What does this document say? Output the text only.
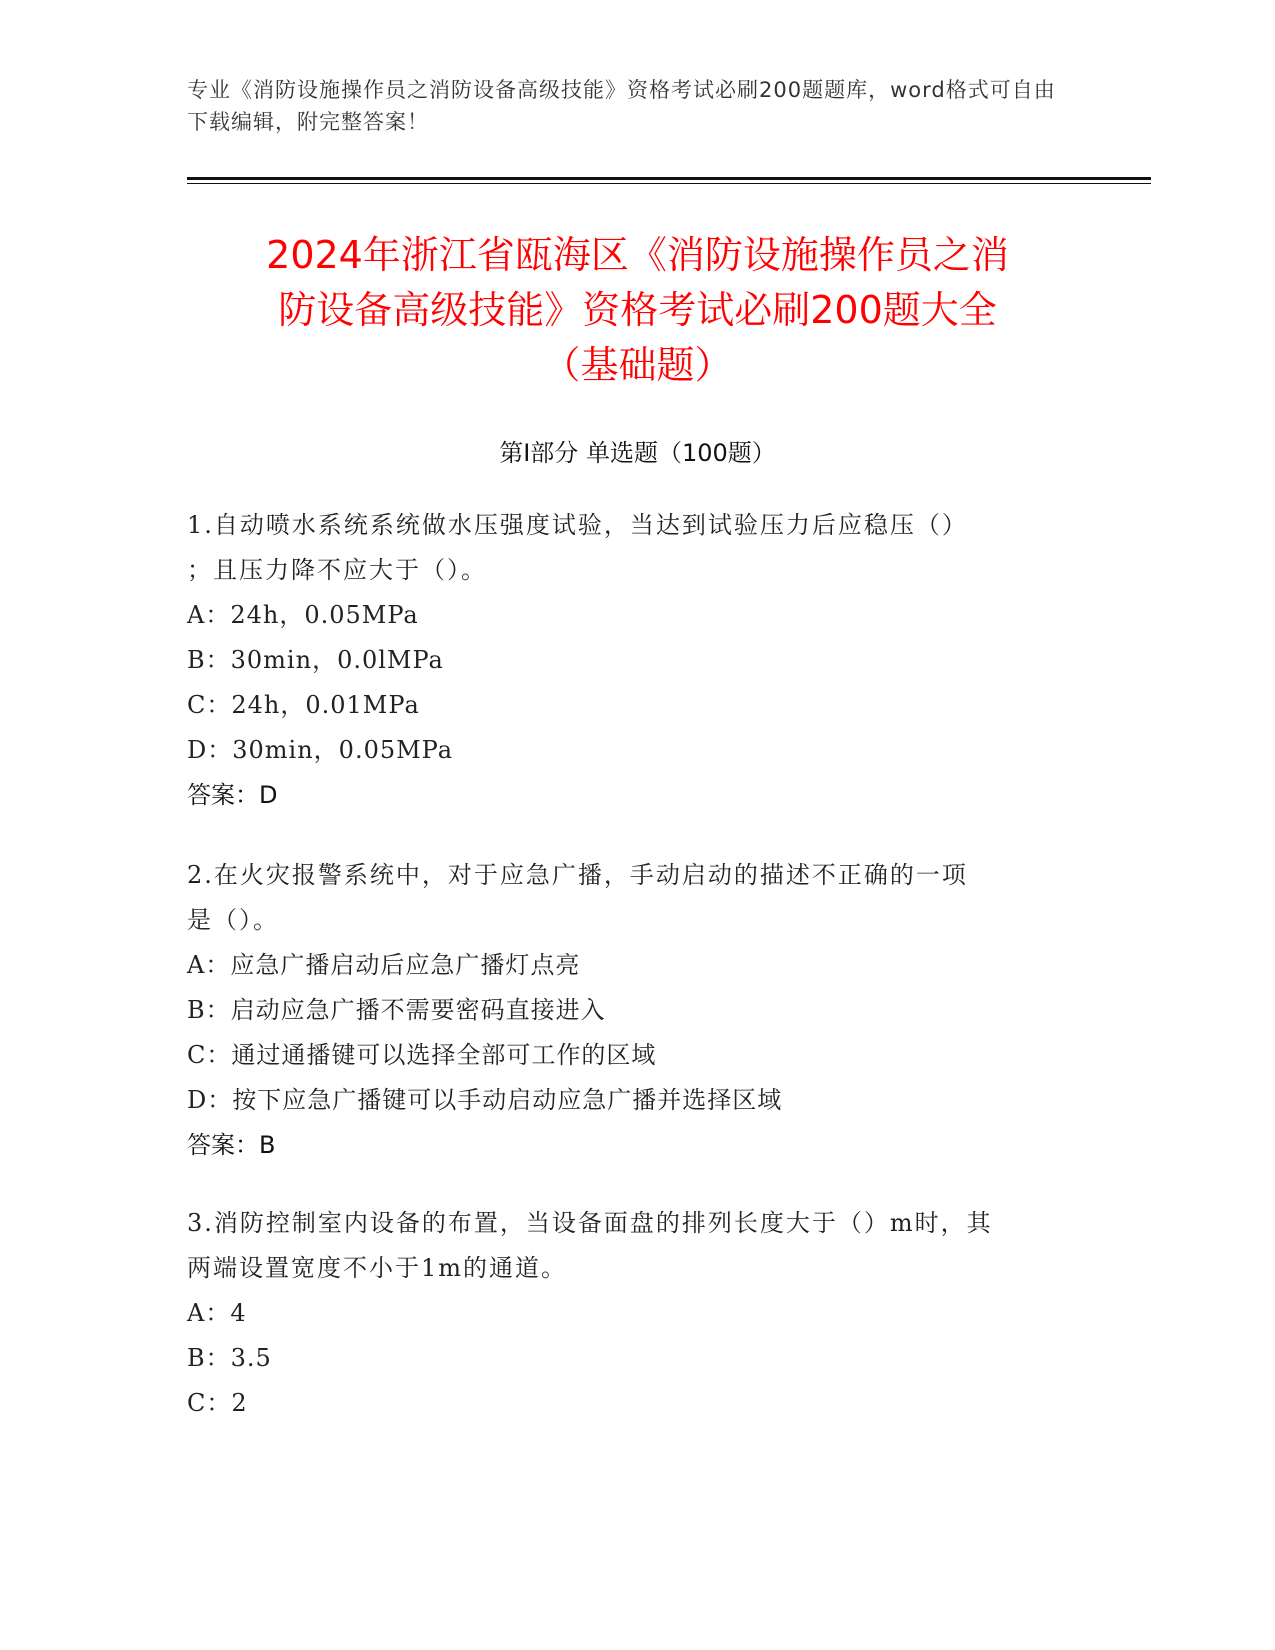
专业《消防设施操作员之消防设备高级技能》资格考试必刷200题题库，word格式可自由下载编辑，附完整答案！
2024年浙江省瓯海区《消防设施操作员之消
防设备高级技能》资格考试必刷200题大全
（基础题）
第Ⅰ部分 单选题（100题）
1.自动喷水系统系统做水压强度试验，当达到试验压力后应稳压（）
；且压力降不应大于（）。
A：24h，0.05MPa
B：30min，0.0lMPa
C：24h，0.01MPa
D：30min，0.05MPa
答案：D
2.在火灾报警系统中，对于应急广播，手动启动的描述不正确的一项
是（）。
A：应急广播启动后应急广播灯点亮
B：启动应急广播不需要密码直接进入
C：通过通播键可以选择全部可工作的区域
D：按下应急广播键可以手动启动应急广播并选择区域
答案：B
3.消防控制室内设备的布置，当设备面盘的排列长度大于（）m时，其
两端设置宽度不小于1m的通道。
A：4
B：3.5
C：2
